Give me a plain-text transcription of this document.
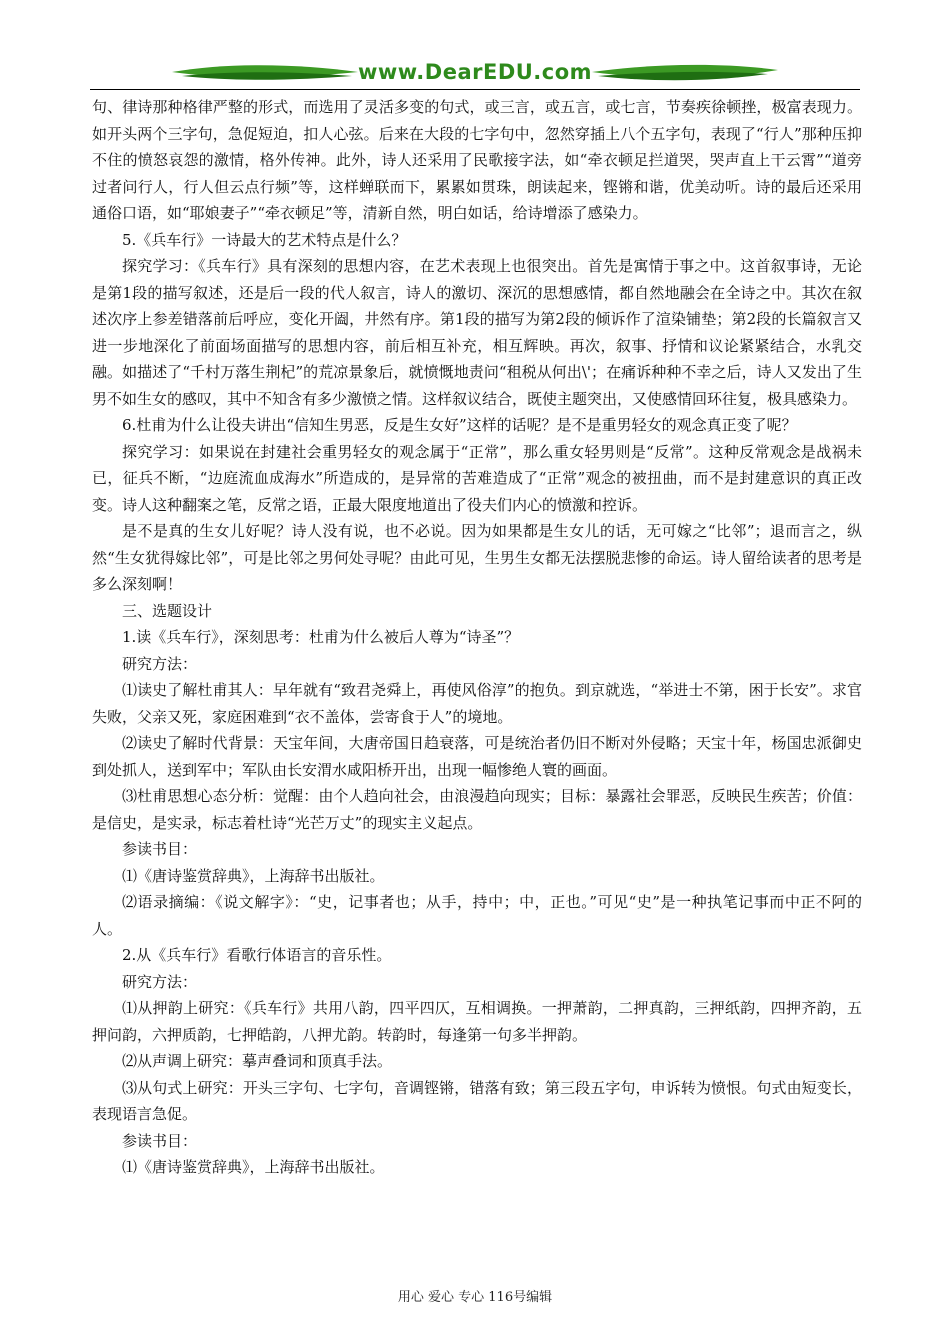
www.DearEDU.com

句、律诗那种格律严整的形式，而选用了灵活多变的句式，或三言，或五言，或七言，节奏疾徐顿挫，极富表现力。如开头两个三字句，急促短迫，扣人心弦。后来在大段的七字句中，忽然穿插上八个五字句，表现了“行人”那种压抑不住的愤怒哀怨的激情，格外传神。此外，诗人还采用了民歌接字法，如“牵衣顿足拦道哭，哭声直上干云霄”“道旁过者问行人，行人但云点行频”等，这样蝉联而下，累累如贯珠，朗读起来，铿锵和谐，优美动听。诗的最后还采用通俗口语，如“耶娘妻子”“牵衣顿足”等，清新自然，明白如话，给诗增添了感染力。

5.《兵车行》一诗最大的艺术特点是什么？

探究学习：《兵车行》具有深刻的思想内容，在艺术表现上也很突出。首先是寓情于事之中。这首叙事诗，无论是第1段的描写叙述，还是后一段的代人叙言，诗人的激切、深沉的思想感情，都自然地融会在全诗之中。其次在叙述次序上参差错落前后呼应，变化开阖，井然有序。第1段的描写为第2段的倾诉作了渲染铺垫；第2段的长篇叙言又进一步地深化了前面场面描写的思想内容，前后相互补充，相互辉映。再次，叙事、抒情和议论紧紧结合，水乳交融。如描述了“千村万落生荆杞”的荒凉景象后，就愤慨地责问“租税从何出\'；在痛诉种种不幸之后，诗人又发出了生男不如生女的感叹，其中不知含有多少激愤之情。这样叙议结合，既使主题突出，又使感情回环往复，极具感染力。

6.杜甫为什么让役夫讲出“信知生男恶，反是生女好”这样的话呢？是不是重男轻女的观念真正变了呢？

探究学习：如果说在封建社会重男轻女的观念属于“正常”，那么重女轻男则是“反常”。这种反常观念是战祸未已，征兵不断，“边庭流血成海水”所造成的，是异常的苦难造成了“正常”观念的被扭曲，而不是封建意识的真正改变。诗人这种翻案之笔，反常之语，正最大限度地道出了役夫们内心的愤激和控诉。

是不是真的生女儿好呢？诗人没有说，也不必说。因为如果都是生女儿的话，无可嫁之“比邻”；退而言之，纵然“生女犹得嫁比邻”，可是比邻之男何处寻呢？由此可见，生男生女都无法摆脱悲惨的命运。诗人留给读者的思考是多么深刻啊！

三、选题设计

1.读《兵车行》，深刻思考：杜甫为什么被后人尊为“诗圣”？

研究方法：

⑴读史了解杜甫其人：早年就有“致君尧舜上，再使风俗淳”的抱负。到京就选，“举进士不第，困于长安”。求官失败，父亲又死，家庭困难到“衣不盖体，尝寄食于人”的境地。

⑵读史了解时代背景：天宝年间，大唐帝国日趋衰落，可是统治者仍旧不断对外侵略；天宝十年，杨国忠派御史到处抓人，送到军中；军队由长安渭水咸阳桥开出，出现一幅惨绝人寰的画面。

⑶杜甫思想心态分析：觉醒：由个人趋向社会，由浪漫趋向现实；目标：暴露社会罪恶，反映民生疾苦；价值：是信史，是实录，标志着杜诗“光芒万丈”的现实主义起点。

参读书目：

⑴《唐诗鉴赏辞典》，上海辞书出版社。

⑵语录摘编：《说文解字》：“史，记事者也；从手，持中；中，正也。”可见“史”是一种执笔记事而中正不阿的人。

2.从《兵车行》看歌行体语言的音乐性。

研究方法：

⑴从押韵上研究：《兵车行》共用八韵，四平四仄，互相调换。一押萧韵，二押真韵，三押纸韵，四押齐韵，五押问韵，六押质韵，七押皓韵，八押尤韵。转韵时，每逢第一句多半押韵。

⑵从声调上研究：摹声叠词和顶真手法。

⑶从句式上研究：开头三字句、七字句，音调铿锵，错落有致；第三段五字句，申诉转为愤恨。句式由短变长，表现语言急促。

参读书目：

⑴《唐诗鉴赏辞典》，上海辞书出版社。

用心 爱心 专心 116号编辑
